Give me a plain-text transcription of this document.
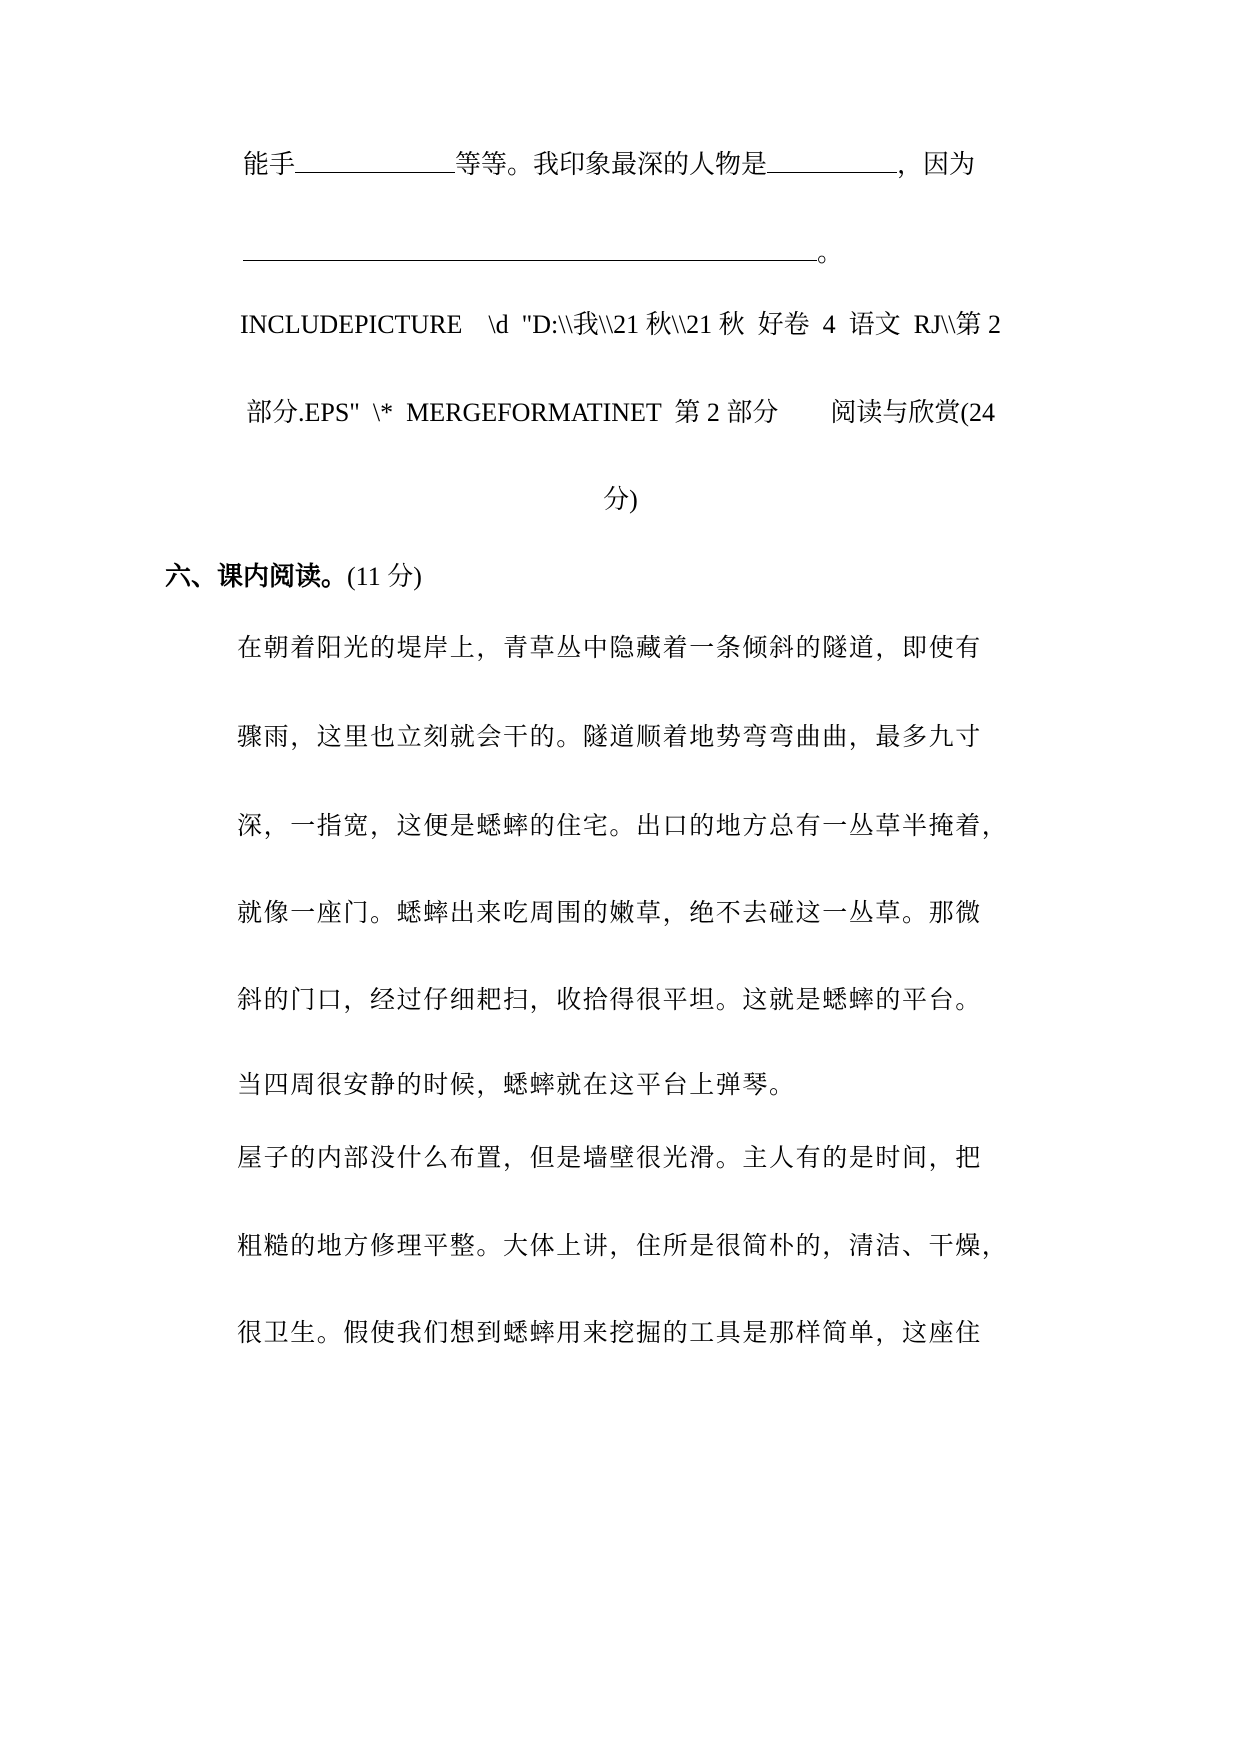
能手	等等。我印象最深的人物是	，因为
。
INCLUDEPICTURE    \d  "D:\\我\\21 秋\\21 秋  好卷  4  语文  RJ\\第 2
部分.EPS"  \*  MERGEFORMATINET  第 2 部分        阅读与欣赏(24
分)
六、课内阅读。(11 分)
在朝着阳光的堤岸上，青草丛中隐藏着一条倾斜的隧道，即使有
骤雨，这里也立刻就会干的。隧道顺着地势弯弯曲曲，最多九寸
深，一指宽，这便是蟋蟀的住宅。出口的地方总有一丛草半掩着，
就像一座门。蟋蟀出来吃周围的嫩草，绝不去碰这一丛草。那微
斜的门口，经过仔细耙扫，收拾得很平坦。这就是蟋蟀的平台。
当四周很安静的时候，蟋蟀就在这平台上弹琴。
屋子的内部没什么布置，但是墙壁很光滑。主人有的是时间，把
粗糙的地方修理平整。大体上讲，住所是很简朴的，清洁、干燥，
很卫生。假使我们想到蟋蟀用来挖掘的工具是那样简单，这座住
